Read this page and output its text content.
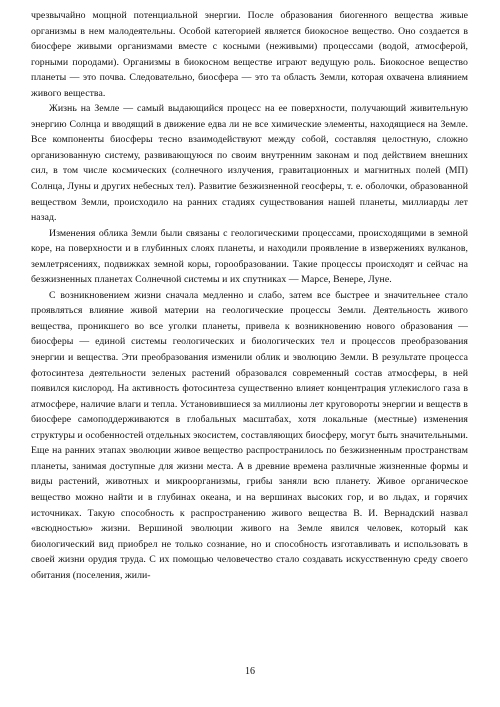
чрезвычайно мощной потенциальной энергии. После образования биогенного вещества живые организмы в нем малодеятельны. Особой категорией является биокосное вещество. Оно создается в биосфере живыми организмами вместе с косными (неживыми) процессами (водой, атмосферой, горными породами). Организмы в биокосном веществе играют ведущую роль. Биокосное вещество планеты — это почва. Следовательно, биосфера — это та область Земли, которая охвачена влиянием живого вещества.

Жизнь на Земле — самый выдающийся процесс на ее поверхности, получающий живительную энергию Солнца и вводящий в движение едва ли не все химические элементы, находящиеся на Земле. Все компоненты биосферы тесно взаимодействуют между собой, составляя целостную, сложно организованную систему, развивающуюся по своим внутренним законам и под действием внешних сил, в том числе космических (солнечного излучения, гравитационных и магнитных полей (МП) Солнца, Луны и других небесных тел). Развитие безжизненной геосферы, т. е. оболочки, образованной веществом Земли, происходило на ранних стадиях существования нашей планеты, миллиарды лет назад.

Изменения облика Земли были связаны с геологическими процессами, происходящими в земной коре, на поверхности и в глубинных слоях планеты, и находили проявление в извержениях вулканов, землетрясениях, подвижках земной коры, горообразовании. Такие процессы происходят и сейчас на безжизненных планетах Солнечной системы и их спутниках — Марсе, Венере, Луне.

С возникновением жизни сначала медленно и слабо, затем все быстрее и значительнее стало проявляться влияние живой материи на геологические процессы Земли. Деятельность живого вещества, проникшего во все уголки планеты, привела к возникновению нового образования — биосферы — единой системы геологических и биологических тел и процессов преобразования энергии и вещества. Эти преобразования изменили облик и эволюцию Земли. В результате процесса фотосинтеза деятельности зеленых растений образовался современный состав атмосферы, в ней появился кислород. На активность фотосинтеза существенно влияет концентрация углекислого газа в атмосфере, наличие влаги и тепла. Установившиеся за миллионы лет круговороты энергии и веществ в биосфере самоподдерживаются в глобальных масштабах, хотя локальные (местные) изменения структуры и особенностей отдельных экосистем, составляющих биосферу, могут быть значительными. Еще на ранних этапах эволюции живое вещество распространилось по безжизненным пространствам планеты, занимая доступные для жизни места. А в древние времена различные жизненные формы и виды растений, животных и микроорганизмы, грибы заняли всю планету. Живое органическое вещество можно найти и в глубинах океана, и на вершинах высоких гор, и во льдах, и горячих источниках. Такую способность к распространению живого вещества В. И. Вернадский назвал «всюдностью» жизни. Вершиной эволюции живого на Земле явился человек, который как биологический вид приобрел не только сознание, но и способность изготавливать и использовать в своей жизни орудия труда. С их помощью человечество стало создавать искусственную среду своего обитания (поселения, жили-

16
